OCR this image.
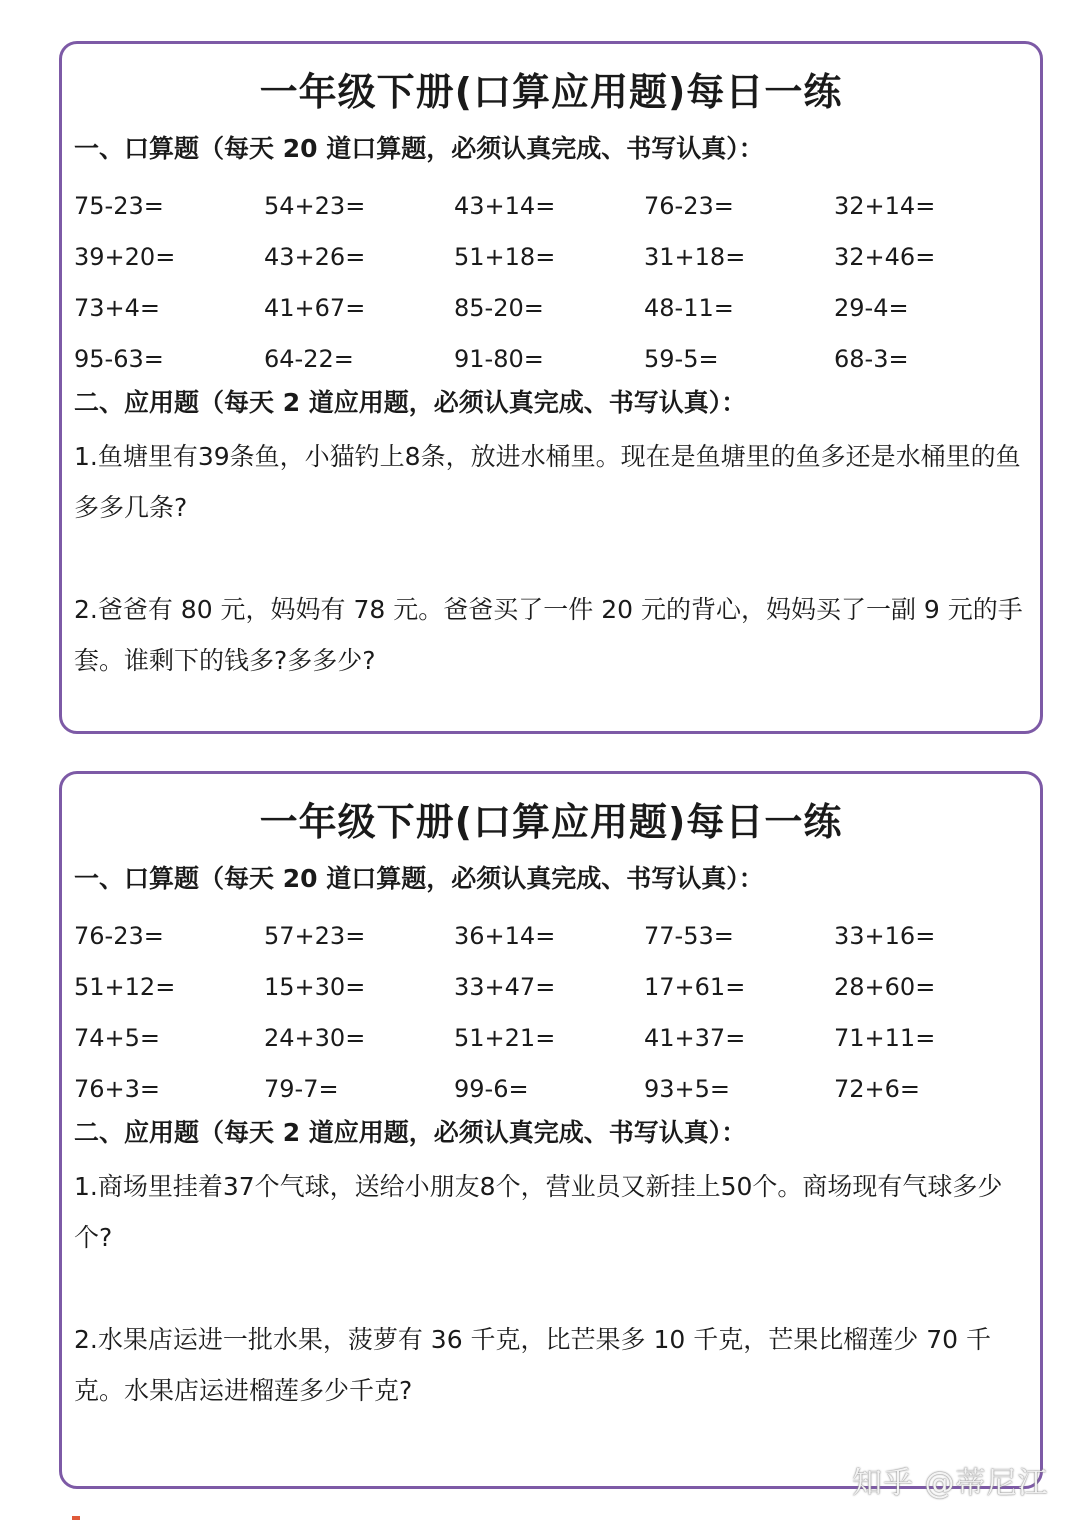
一年级下册(口算应用题)每日一练
一、口算题（每天 20 道口算题，必须认真完成、书写认真）：
75-23=	54+23=	43+14=	76-23=	32+14=
39+20=	43+26=	51+18=	31+18=	32+46=
73+4=	41+67=	85-20=	48-11=	29-4=
95-63=	64-22=	91-80=	59-5=	68-3=
二、应用题（每天 2 道应用题，必须认真完成、书写认真）：

1.鱼塘里有39条鱼，小猫钓上8条，放进水桶里。现在是鱼塘里的鱼多还是水桶里的鱼多多几条?

2.爸爸有 80 元，妈妈有 78 元。爸爸买了一件 20 元的背心，妈妈买了一副 9 元的手套。谁剩下的钱多?多多少?

一年级下册(口算应用题)每日一练
一、口算题（每天 20 道口算题，必须认真完成、书写认真）：
76-23=	57+23=	36+14=	77-53=	33+16=
51+12=	15+30=	33+47=	17+61=	28+60=
74+5=	24+30=	51+21=	41+37=	71+11=
76+3=	79-7=	99-6=	93+5=	72+6=
二、应用题（每天 2 道应用题，必须认真完成、书写认真）：

1.商场里挂着37个气球，送给小朋友8个，营业员又新挂上50个。商场现有气球多少个?

2.水果店运进一批水果，菠萝有 36 千克，比芒果多 10 千克，芒果比榴莲少 70 千克。水果店运进榴莲多少千克?

知乎 @蒂尼江
